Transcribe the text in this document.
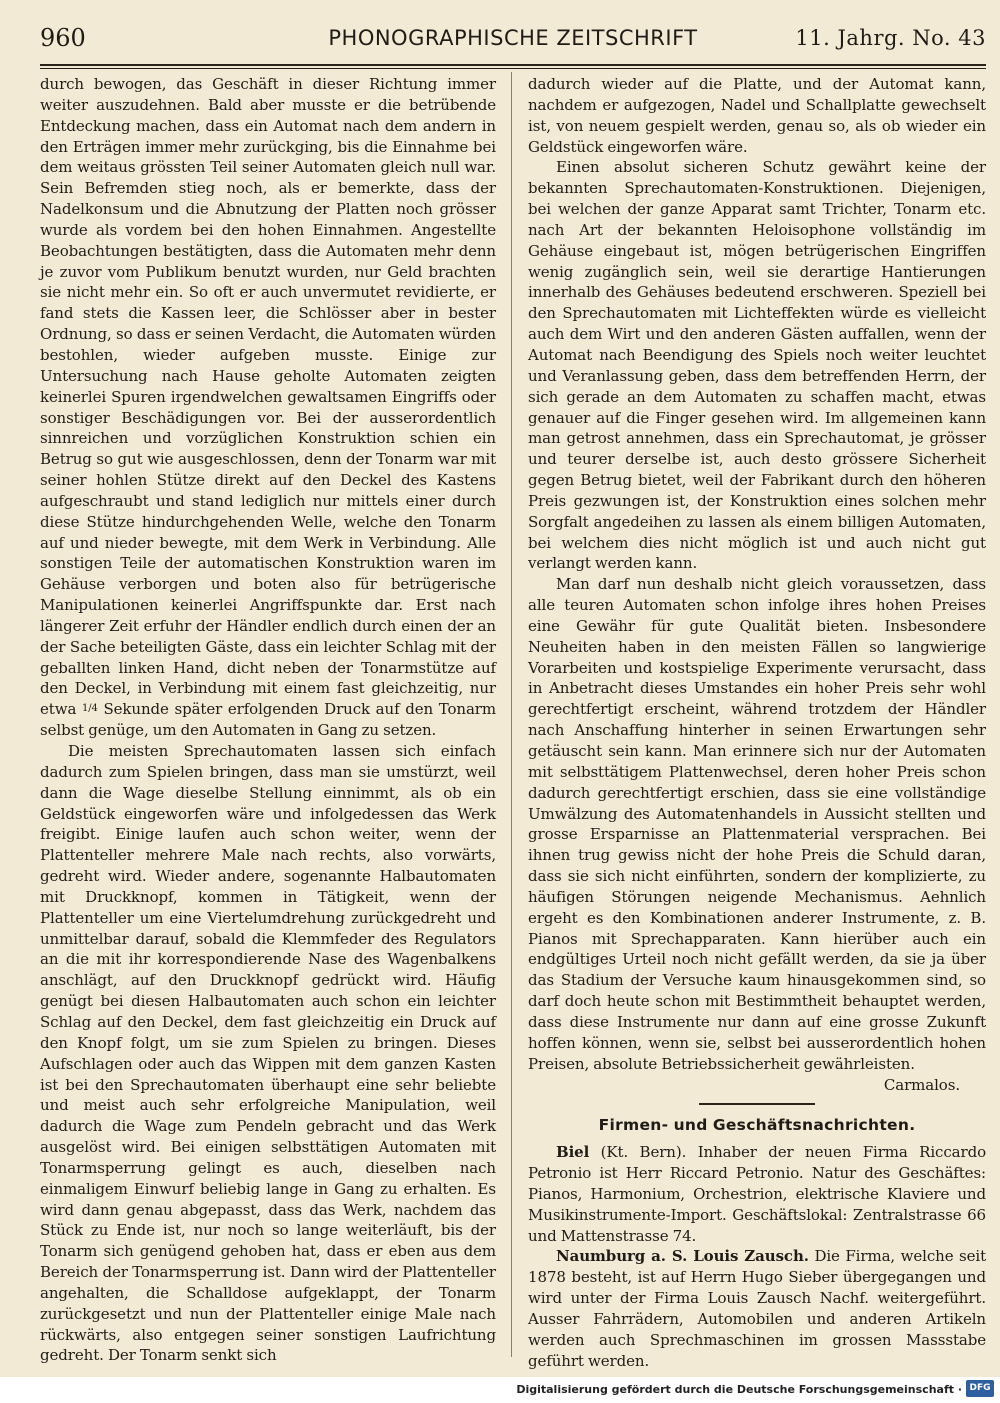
960	PHONOGRAPHISCHE ZEITSCHRIFT	11. Jahrg. No. 43

durch bewogen, das Geschäft in dieser Richtung immer weiter auszudehnen. Bald aber musste er die betrübende Entdeckung machen, dass ein Automat nach dem andern in den Erträgen immer mehr zurückging, bis die Einnahme bei dem weitaus grössten Teil seiner Automaten gleich null war. Sein Befremden stieg noch, als er bemerkte, dass der Nadelkonsum und die Abnutzung der Platten noch grösser wurde als vordem bei den hohen Einnahmen. Angestellte Beobachtungen bestätigten, dass die Automaten mehr denn je zuvor vom Publikum benutzt wurden, nur Geld brachten sie nicht mehr ein. So oft er auch unvermutet revidierte, er fand stets die Kassen leer, die Schlösser aber in bester Ordnung, so dass er seinen Verdacht, die Automaten würden bestohlen, wieder aufgeben musste. Einige zur Untersuchung nach Hause geholte Automaten zeigten keinerlei Spuren irgendwelchen gewaltsamen Eingriffs oder sonstiger Beschädigungen vor. Bei der ausserordentlich sinnreichen und vorzüglichen Konstruktion schien ein Betrug so gut wie ausgeschlossen, denn der Tonarm war mit seiner hohlen Stütze direkt auf den Deckel des Kastens aufgeschraubt und stand lediglich nur mittels einer durch diese Stütze hindurchgehenden Welle, welche den Tonarm auf und nieder bewegte, mit dem Werk in Verbindung. Alle sonstigen Teile der automatischen Konstruktion waren im Gehäuse verborgen und boten also für betrügerische Manipulationen keinerlei Angriffspunkte dar. Erst nach längerer Zeit erfuhr der Händler endlich durch einen der an der Sache beteiligten Gäste, dass ein leichter Schlag mit der geballten linken Hand, dicht neben der Tonarmstütze auf den Deckel, in Verbindung mit einem fast gleichzeitig, nur etwa $^{1/4}$ Sekunde später erfolgenden Druck auf den Tonarm selbst genüge, um den Automaten in Gang zu setzen.

Die meisten Sprechautomaten lassen sich einfach dadurch zum Spielen bringen, dass man sie umstürzt, weil dann die Wage dieselbe Stellung einnimmt, als ob ein Geldstück eingeworfen wäre und infolgedessen das Werk freigibt. Einige laufen auch schon weiter, wenn der Plattenteller mehrere Male nach rechts, also vorwärts, gedreht wird. Wieder andere, sogenannte Halbautomaten mit Druckknopf, kommen in Tätigkeit, wenn der Plattenteller um eine Viertelumdrehung zurückgedreht und unmittelbar darauf, sobald die Klemmfeder des Regulators an die mit ihr korrespondierende Nase des Wagenbalkens anschlägt, auf den Druckknopf gedrückt wird. Häufig genügt bei diesen Halbautomaten auch schon ein leichter Schlag auf den Deckel, dem fast gleichzeitig ein Druck auf den Knopf folgt, um sie zum Spielen zu bringen. Dieses Aufschlagen oder auch das Wippen mit dem ganzen Kasten ist bei den Sprechautomaten überhaupt eine sehr beliebte und meist auch sehr erfolgreiche Manipulation, weil dadurch die Wage zum Pendeln gebracht und das Werk ausgelöst wird. Bei einigen selbsttätigen Automaten mit Tonarmsperrung gelingt es auch, dieselben nach einmaligem Einwurf beliebig lange in Gang zu erhalten. Es wird dann genau abgepasst, dass das Werk, nachdem das Stück zu Ende ist, nur noch so lange weiterläuft, bis der Tonarm sich genügend gehoben hat, dass er eben aus dem Bereich der Tonarmsperrung ist. Dann wird der Plattenteller angehalten, die Schalldose aufgeklappt, der Tonarm zurückgesetzt und nun der Plattenteller einige Male nach rückwärts, also entgegen seiner sonstigen Laufrichtung gedreht. Der Tonarm senkt sich

dadurch wieder auf die Platte, und der Automat kann, nachdem er aufgezogen, Nadel und Schallplatte gewechselt ist, von neuem gespielt werden, genau so, als ob wieder ein Geldstück eingeworfen wäre.

Einen absolut sicheren Schutz gewährt keine der bekannten Sprechautomaten-Konstruktionen. Diejenigen, bei welchen der ganze Apparat samt Trichter, Tonarm etc. nach Art der bekannten Heloisophone vollständig im Gehäuse eingebaut ist, mögen betrügerischen Eingriffen wenig zugänglich sein, weil sie derartige Hantierungen innerhalb des Gehäuses bedeutend erschweren. Speziell bei den Sprechautomaten mit Lichteffekten würde es vielleicht auch dem Wirt und den anderen Gästen auffallen, wenn der Automat nach Beendigung des Spiels noch weiter leuchtet und Veranlassung geben, dass dem betreffenden Herrn, der sich gerade an dem Automaten zu schaffen macht, etwas genauer auf die Finger gesehen wird. Im allgemeinen kann man getrost annehmen, dass ein Sprechautomat, je grösser und teurer derselbe ist, auch desto grössere Sicherheit gegen Betrug bietet, weil der Fabrikant durch den höheren Preis gezwungen ist, der Konstruktion eines solchen mehr Sorgfalt angedeihen zu lassen als einem billigen Automaten, bei welchem dies nicht möglich ist und auch nicht gut verlangt werden kann.

Man darf nun deshalb nicht gleich voraussetzen, dass alle teuren Automaten schon infolge ihres hohen Preises eine Gewähr für gute Qualität bieten. Insbesondere Neuheiten haben in den meisten Fällen so langwierige Vorarbeiten und kostspielige Experimente verursacht, dass in Anbetracht dieses Umstandes ein hoher Preis sehr wohl gerechtfertigt erscheint, während trotzdem der Händler nach Anschaffung hinterher in seinen Erwartungen sehr getäuscht sein kann. Man erinnere sich nur der Automaten mit selbsttätigem Plattenwechsel, deren hoher Preis schon dadurch gerechtfertigt erschien, dass sie eine vollständige Umwälzung des Automatenhandels in Aussicht stellten und grosse Ersparnisse an Plattenmaterial versprachen. Bei ihnen trug gewiss nicht der hohe Preis die Schuld daran, dass sie sich nicht einführten, sondern der komplizierte, zu häufigen Störungen neigende Mechanismus. Aehnlich ergeht es den Kombinationen anderer Instrumente, z. B. Pianos mit Sprechapparaten. Kann hierüber auch ein endgültiges Urteil noch nicht gefällt werden, da sie ja über das Stadium der Versuche kaum hinausgekommen sind, so darf doch heute schon mit Bestimmtheit behauptet werden, dass diese Instrumente nur dann auf eine grosse Zukunft hoffen können, wenn sie, selbst bei ausserordentlich hohen Preisen, absolute Betriebssicherheit gewährleisten.

Carmalos.

Firmen- und Geschäftsnachrichten.

Biel (Kt. Bern). Inhaber der neuen Firma Riccardo Petronio ist Herr Riccard Petronio. Natur des Geschäftes: Pianos, Harmonium, Orchestrion, elektrische Klaviere und Musikinstrumente-Import. Geschäftslokal: Zentralstrasse 66 und Mattenstrasse 74.

Naumburg a. S. Louis Zausch. Die Firma, welche seit 1878 besteht, ist auf Herrn Hugo Sieber übergegangen und wird unter der Firma Louis Zausch Nachf. weitergeführt. Ausser Fahrrädern, Automobilen und anderen Artikeln werden auch Sprechmaschinen im grossen Massstabe geführt werden.

Digitalisierung gefördert durch die Deutsche Forschungsgemeinschaft · DFG
